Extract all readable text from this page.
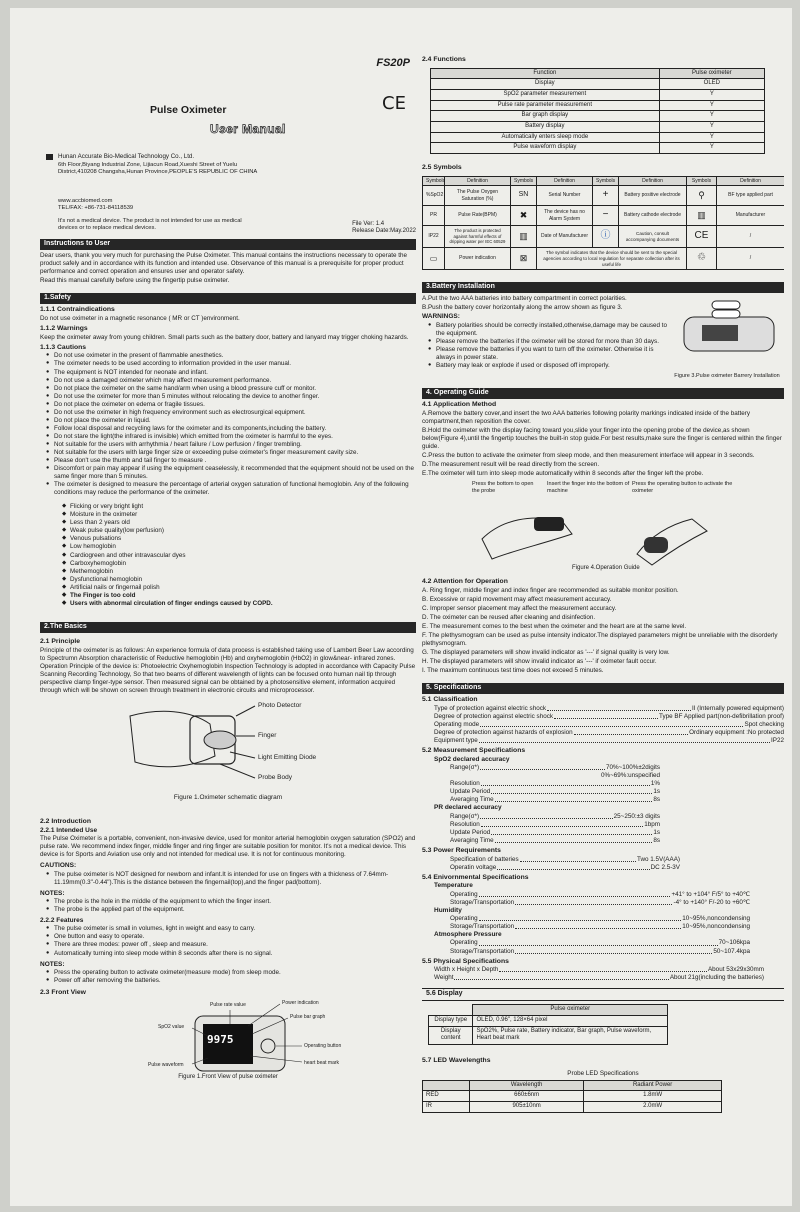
FS20P
CE
Pulse Oximeter
User Manual
Hunan Accurate Bio-Medical Technology Co., Ltd.
6th Floor,Biyang Industrial Zone, Lijiacun Road,Xueshi Street of Yuelu District,410208 Changsha,Hunan Province,PEOPLE'S REPUBLIC OF CHINA
www.accbiomed.com
TEL/FAX: +86-731-84118539
It's not a medical device. The product is not intended for use as medical devices or to replace medical devices.
File Ver: 1.4
Release Date:May.2022
Instructions to User

Dear users, thank you very much for purchasing the Pulse Oximeter. This manual contains the instructions necessary to operate the product safely and in accordance with its function and intended use. Observance of this manual is a prerequisite for proper product performance and correct operation and ensures user and operator safety.

Read this manual carefully before using the fingertip pulse oximeter.

1.Safety
1.1.1 Contraindications

Do not use oximeter in a magnetic resonance ( MR or CT )environment.

1.1.2 Warnings

Keep the oximeter away from young children. Small parts such as the battery door, battery and lanyard may trigger choking hazards.

1.1.3 Cautions
● Do not use oximeter in the present of flammable anesthetics.
● The oximeter needs to be used according to information provided in the user manual.
● The equipment is NOT intended for neonate and infant.
● Do not use a damaged oximeter which may affect measurement performance.
● Do not place the oximeter on the same hand/arm when using a blood pressure cuff or monitor.
● Do not use the oximeter for more than 5 minutes without relocating the device to another finger.
● Do not place the oximeter on edema or fragile tissues.
● Do not use the oximeter in high frequency environment such as electrosurgical equipment.
● Do not place the oximeter in liquid.
● Follow local disposal and recycling laws for the oximeter and its components,including the battery.
● Do not stare the light(the infrared is invisible) which emitted from the oximeter is harmful to the eyes.
● Not suitable for the users with arrhythmia / heart failure / Low perfusion / finger trembling.
● Not suitable for the users with large finger size or exceeding pulse oximeter's finger measurement cavity size.
● Please don't use the thumb and tail finger to measure .
● Discomfort or pain may appear if using the equipment ceaselessly, it recommended that the equipment should not be used on the same finger more than 5 minutes.
● The oximeter is designed to measure the percentage of arterial oxygen saturation of functional hemoglobin. Any of the following conditions may reduce the performance of the oximeter.
◆ Flicking or very bright light
◆ Moisture in the oximeter
◆ Less than 2 years old
◆ Weak pulse quality(low perfusion)
◆ Venous pulsations
◆ Low hemoglobin
◆ Cardiogreen and other intravascular dyes
◆ Carboxyhemoglobin
◆ Methemoglobin
◆ Dysfunctional hemoglobin
◆ Artificial nails or fingernail polish
◆ The Finger is too cold
◆ Users with abnormal circulation of finger endings caused by COPD.
2.The Basics
2.1 Principle

Principle of the oximeter is as follows: An experience formula of data process is established taking use of Lambert Beer Law according to Spectrumn Absorption characteristic of Reductive hemoglobin (Hb) and oxyhemoglobin (HbO2) in glow&near- infrared zones. Operation Principle of the device is: Photoelectric Oxyhemoglobin Inspection Technology is adopted in accordance with Capacity Pulse Scanning Recording Technology, So that two beams of different wavelength of lights can be focused onto human nail tip through perspective clamp finger-type sensor. Then measured signal can be obtained by a photosensitive element, information acquired through which will be shown on screen through treatment in electronic circuits and microprocessor.

Photo Detector
Finger
Light Emitting Diode
Probe Body
Figure 1.Oximeter schematic diagram
2.2 Introduction
2.2.1 Intended Use

The Pulse Oximeter is a portable, convenient, non-invasive device, used for monitor arterial hemoglobin oxygen saturation (SPO2) and pulse rate. We recommend index finger, middle finger and ring finger are suitable position for monitor. It's not a medical device. This device is for Sports and Aviation use only and not intended for medical use. It is not for continuous monitoring.

CAUTIONS:
● The pulse oximeter is NOT designed for newborn and infant.It is intended for use on fingers with a thickness of 7.64mm-11.19mm(0.3"-0.44").This is the distance between the fingernail(top),and the finger pad(bottom).
NOTES:
● The probe is the hole in the middle of the equipment to which the finger insert.
● The probe is the applied part of the equipment.
2.2.2 Features
● The pulse oximeter is small in volumes, light in weight and easy to carry.
● One button and easy to operate.
● There are three modes: power off , sleep and measure.
● Automatically turning into sleep mode within 8 seconds after there is no signal.
NOTES:
● Press the operating button to activate oximeter(measure mode) from sleep mode.
● Power off after removing the batteries.
2.3 Front View
9975
Pulse rate value	Power indication
Pulse bar graph
SpO2 value
Operating button
Pulse waveform	heart beat mark
Figure 1.Front View of pulse oximeter
2.4 Functions
Function	Pulse oximeter
Display	OLED
SpO2 parameter measurement	Y
Pulse rate parameter measurement	Y
Bar graph display	Y
Battery display	Y
Automatically enters sleep mode	Y
Pulse waveform display	Y
2.5 Symbols
Symbols	Definition	Symbols	Definition	Symbols	Definition	Symbols	Definition
%SpO2	The Pulse Oxygen Saturation (%)	SN	Serial Number	+	Battery positive electrode	⚲	BF type applied part
PR	Pulse Rate(BPM)	✖	The device has no Alarm System	−	Battery cathode electrode	▥	Manufacturer
IP22	The product is protected against harmful effects of dripping water per IEC 60529	▥	Date of Manufacturer	ⓘ	Caution, consult accompanying documents	CE	/
▭	Power indication	⊠	The symbol indicates that the device should be sent to the special agencies according to local regulation for separate collection after its useful life			♲	/
3.Battery Installation

A.Put the two AAA batteries into battery compartment in correct polarities.

B.Push the battery cover horizontally along the arrow shown as figure 3.

WARNINGS:
● Battery polarities should be correctly installed,otherwise,damage may be caused to the equipment.
● Please remove the batteries if the oximeter will be stored for more than 30 days.
● Please remove the batteries if you want to turn off the oximeter. Otherwise it is always in power state.
● Battery may leak or explode if used or disposed off improperly.
Figure 3.Pulse oximeter Barrery Installation
4. Operating Guide
4.1 Application Method

A.Remove the battery cover,and insert the two AAA batteries following polarity markings indicated inside of the battery compartment,then reposition the cover.

B.Hold the oximeter with the display facing toward you,slide your finger into the opening probe of the device,as shown below(Figure 4),until the fingertip touches the built-in stop guide.For best results,make sure the finger is centered within the finger guide.

C.Press the button to activate the oximeter from sleep mode, and then measurement interface will appear in 3 seconds.

D.The measurement result will be read directly from the screen.

E.The oximeter will turn into sleep mode automatically within 8 seconds after the finger left the probe.

Press the bottom to open the probe
Insert the finger into the bottom of machine
Press the operating button to activate the oximeter
Figure 4.Operation Guide
4.2 Attention for Operation

A. Ring finger, middle finger and index finger are recommended as suitable monitor position.

B. Excessive or rapid movement may affect measurement accuracy.

C. Improper sensor placement may affect the measurement accuracy.

D. The oximeter can be reused after cleaning and disinfection.

E. The measurement comes to the best when the oximeter and the heart are at the same level.

F. The plethysmogram can be used as pulse intensity indicator.The displayed parameters might be unreliable with the disorderly plethysmogram.

G. The displayed parameters will show invalid indicator as '---' if signal quality is very low.

H. The displayed parameters will show invalid indicator as '---' if oximeter fault occur.

I. The maximum continuous test time does not exceed 5 minutes.

5. Specifications
5.1 Classification
Type of protection against electric shock	II (Internally powered equipment)
Degree of protection against electric shock	Type BF Applied part(non-defibrillation proof)
Operating mode	Spot checking
Degree of protection against hazards of explosion	Ordinary equipment :No protected
Equipment type	IP22
5.2 Measurement Specifications
SpO2 declared accuracy
Range(σ*)	70%~100%±2digits
0%~69%:unspecified
Resolution	1%
Update Period	1s
Averaging Time	8s
PR declared accuracy
Range(σ*)	25~250:±3 digits
Resolution	1bpm
Update Period	1s
Averaging Time	8s
5.3 Power Requirements
Specification of batteries	Two 1.5V(AAA)
Operatin voltage	DC 2.5-3V
5.4 Enivornmental Specifications
Temperature
Operating	+41° to +104° F/5° to +40℃
Storage/Transportation	-4° to +140° F/-20 to +60℃
Humidity
Operating	10~95%,noncondensing
Storage/Transportation	10~95%,noncondensing
Atmosphere Pressure
Operating	70~106kpa
Storage/Transportation	50~107.4kpa
5.5 Physical Specifications
Width x Height x Depth	About 53x29x30mm
Weight	About 21g(including the batteries)
5.6 Display
	Pulse oximeter
Display type	OLED, 0.96", 128×64 pixel
Display content	SpO2%, Pulse rate, Battery indicator, Bar graph, Pulse waveform, Heart beat mark
5.7 LED Wavelengths
Probe LED Specifications
	Wavelength	Radiant Power
RED	660±6nm	1.8mW
IR	905±10nm	2.0mW
